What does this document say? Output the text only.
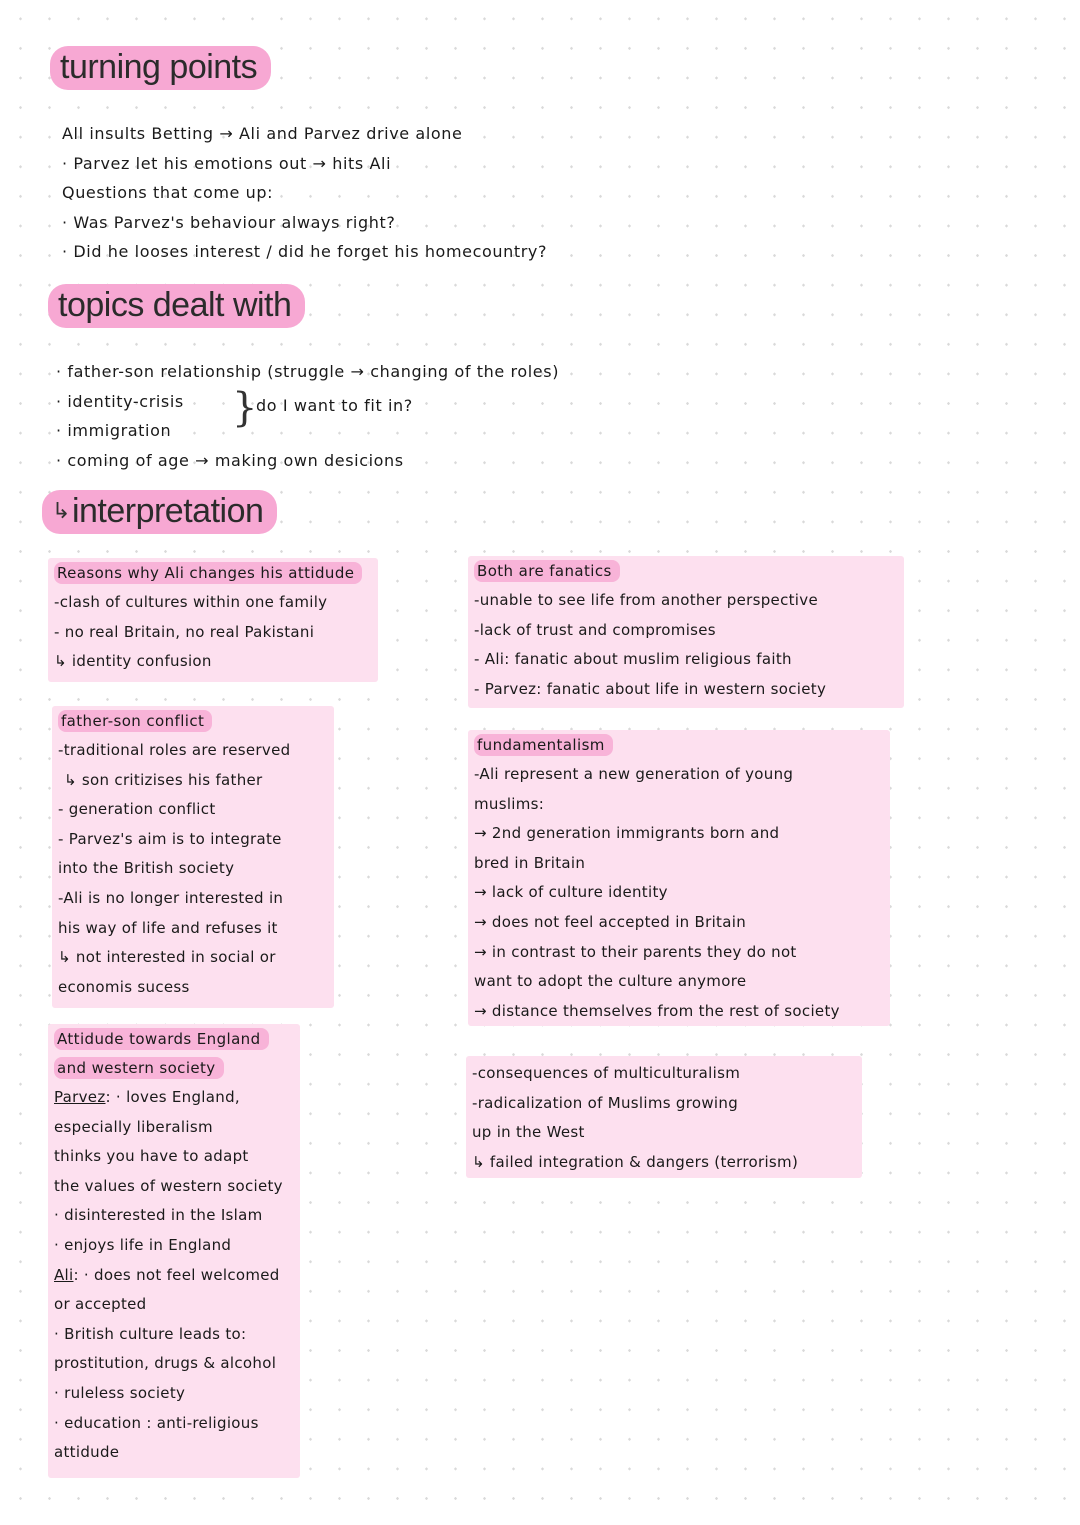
turning points
All insults Betting → Ali and Parvez drive alone
· Parvez let his emotions out → hits Ali
Questions that come up:
· Was Parvez's behaviour always right?
· Did he looses interest / did he forget his homecountry?
topics dealt with
· father-son relationship (struggle → changing of the roles)
· identity-crisis
· immigration
· coming of age → making own desicions
}
do I want to fit in?
↳interpretation
Reasons why Ali changes his attidude
-clash of cultures within one family
- no real Britain, no real Pakistani
↳ identity confusion
father-son conflict
-traditional roles are reserved
↳ son critizises his father
- generation conflict
- Parvez's aim is to integrate
into the British society
-Ali is no longer interested in
his way of life and refuses it
↳ not interested in social or
economis sucess
Attidude towards England
and western society
Parvez: · loves England,
especially liberalism
thinks you have to adapt
the values of western society
· disinterested in the Islam
· enjoys life in England
Ali: · does not feel welcomed
or accepted
· British culture leads to:
prostitution, drugs & alcohol
· ruleless society
· education : anti-religious
attidude
Both are fanatics
-unable to see life from another perspective
-lack of trust and compromises
- Ali: fanatic about muslim religious faith
- Parvez: fanatic about life in western society
fundamentalism
-Ali represent a new generation of young
muslims:
→ 2nd generation immigrants born and
bred in Britain
→ lack of culture identity
→ does not feel accepted in Britain
→ in contrast to their parents they do not
want to adopt the culture anymore
→ distance themselves from the rest of society
-consequences of multiculturalism
-radicalization of Muslims growing
up in the West
↳ failed integration & dangers (terrorism)
